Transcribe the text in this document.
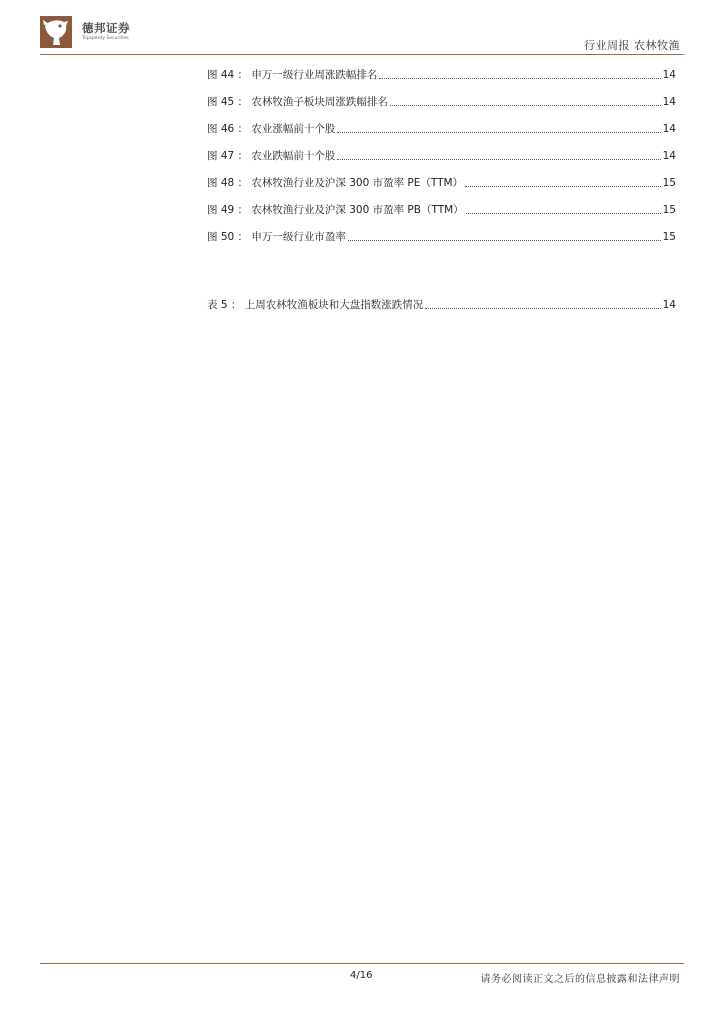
德邦证券
Topsperity Securities
行业周报 农林牧渔
图 44 ： 申万一级行业周涨跌幅排名	14
图 45 ： 农林牧渔子板块周涨跌幅排名	14
图 46 ： 农业涨幅前十个股	14
图 47 ： 农业跌幅前十个股	14
图 48 ： 农林牧渔行业及沪深 300 市盈率 PE（TTM）	15
图 49 ： 农林牧渔行业及沪深 300 市盈率 PB（TTM）	15
图 50 ： 申万一级行业市盈率	15
表 5 ： 上周农林牧渔板块和大盘指数涨跌情况	14
4/16	请务必阅读正文之后的信息披露和法律声明
